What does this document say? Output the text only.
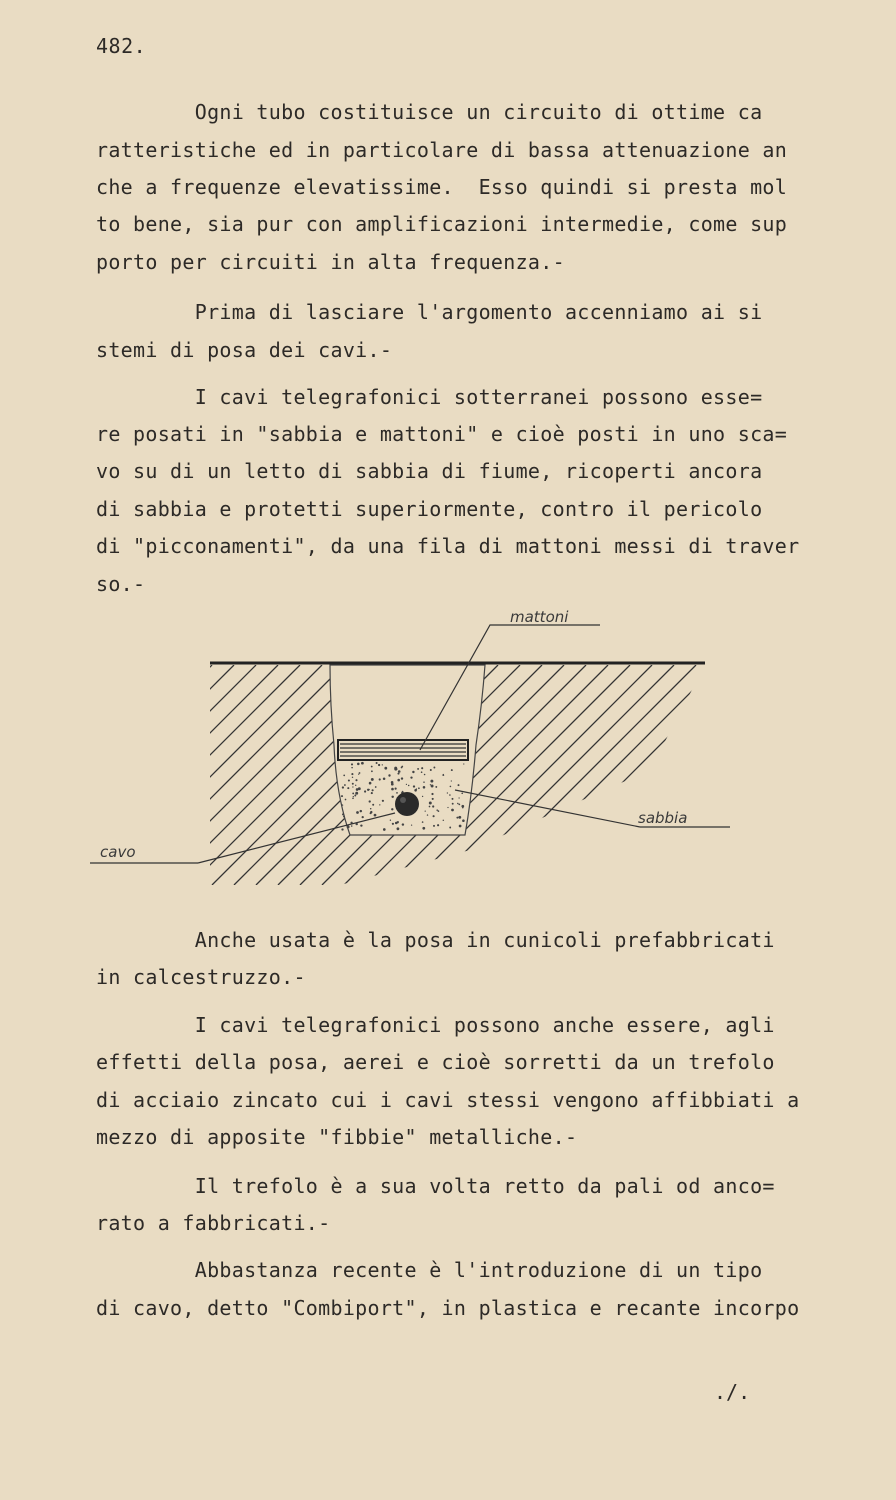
482.
Ogni tubo costituisce un circuito di ottime ca
ratteristiche ed in particolare di bassa attenuazione an
che a frequenze elevatissime.  Esso quindi si presta mol
to bene, sia pur con amplificazioni intermedie, come sup
porto per circuiti in alta frequenza.-
Prima di lasciare l'argomento accenniamo ai si
stemi di posa dei cavi.-
I cavi telegrafonici sotterranei possono esse=
re posati in "sabbia e mattoni" e cioè posti in uno sca=
vo su di un letto di sabbia di fiume, ricoperti ancora
di sabbia e protetti superiormente, contro il pericolo
di "picconamenti", da una fila di mattoni messi di traver
so.-
mattoni
sabbia
cavo
Anche usata è la posa in cunicoli prefabbricati
in calcestruzzo.-
I cavi telegrafonici possono anche essere, agli
effetti della posa, aerei e cioè sorretti da un trefolo
di acciaio zincato cui i cavi stessi vengono affibbiati a
mezzo di apposite "fibbie" metalliche.-
Il trefolo è a sua volta retto da pali od anco=
rato a fabbricati.-
Abbastanza recente è l'introduzione di un tipo
di cavo, detto "Combiport", in plastica e recante incorpo
./.
